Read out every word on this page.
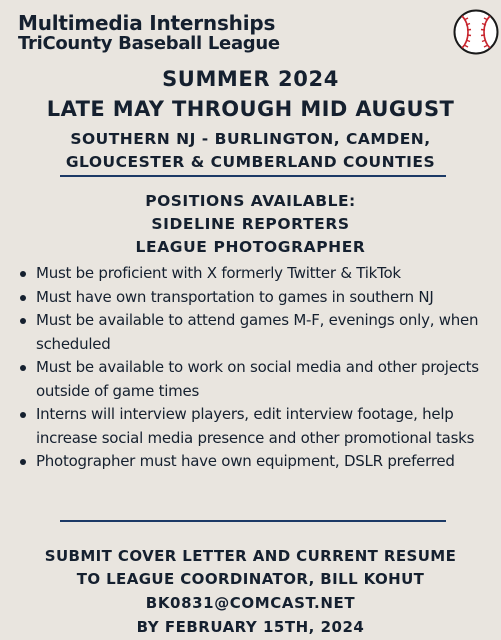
Multimedia Internships
TriCounty Baseball League
SUMMER 2024
LATE MAY THROUGH MID AUGUST
SOUTHERN NJ - BURLINGTON, CAMDEN,
GLOUCESTER & CUMBERLAND COUNTIES
POSITIONS AVAILABLE:
SIDELINE REPORTERS
LEAGUE PHOTOGRAPHER
Must be proficient with X formerly Twitter & TikTok
Must have own transportation to games in southern NJ
Must be available to attend games M-F, evenings only, when scheduled
Must be available to work on social media and other projects outside of game times
Interns will interview players, edit interview footage, help increase social media presence and other promotional tasks
Photographer must have own equipment, DSLR preferred
SUBMIT COVER LETTER AND CURRENT RESUME
TO LEAGUE COORDINATOR, BILL KOHUT
BK0831@COMCAST.NET
BY FEBRUARY 15TH, 2024
